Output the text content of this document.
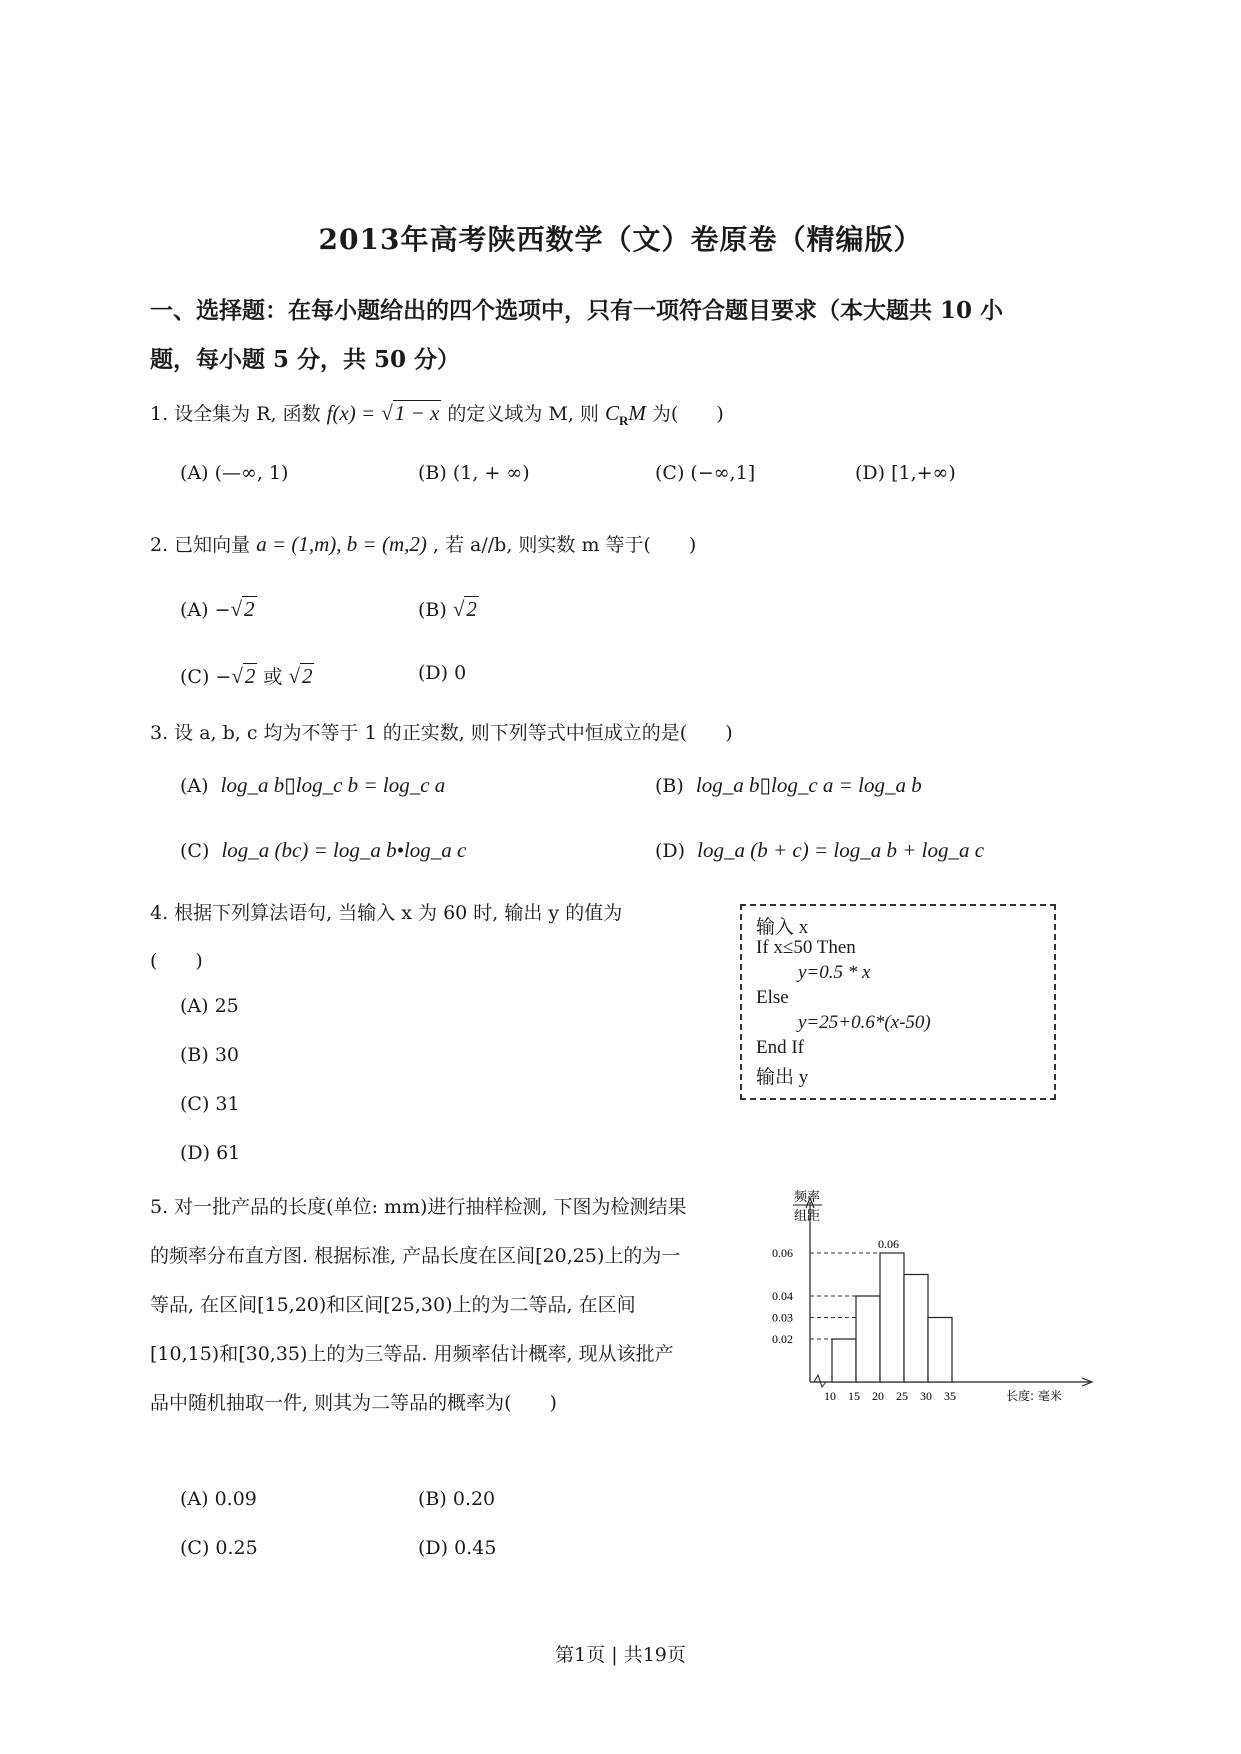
2013年高考陕西数学（文）卷原卷（精编版）
一、选择题：在每小题给出的四个选项中，只有一项符合题目要求（本大题共 10 小
题，每小题 5 分，共 50 分）
1. 设全集为 R, 函数 f(x) = √1 − x 的定义域为 M, 则 $C_RM$ 为(　　)
(A) (—∞, 1)	(B) (1, + ∞)	(C) (−∞,1]	(D) [1,+∞)
2. 已知向量 a = (1,m), b = (m,2) , 若 a//b, 则实数 m 等于(　　)
(A) −√2	(B) √2
(C) −√2 或 √2	(D) 0
3. 设 a, b, c 均为不等于 1 的正实数, 则下列等式中恒成立的是(　　)
(A) log_a b▯log_c b = log_c a	(B) log_a b▯log_c a = log_a b
(C) log_a (bc) = log_a b•log_a c	(D) log_a (b + c) = log_a b + log_a c
4. 根据下列算法语句, 当输入 x 为 60 时, 输出 y 的值为
(　　)
(A) 25
(B) 30
(C) 31
(D) 61
输入 x
If x≤50 Then
y=0.5 * x
Else
y=25+0.6*(x-50)
End If
输出 y
5. 对一批产品的长度(单位: mm)进行抽样检测, 下图为检测结果
的频率分布直方图. 根据标准, 产品长度在区间[20,25)上的为一
等品, 在区间[15,20)和区间[25,30)上的为二等品, 在区间
[10,15)和[30,35)上的为三等品. 用频率估计概率, 现从该批产
品中随机抽取一件, 则其为二等品的概率为(　　)
(A) 0.09	(B) 0.20
(C) 0.25	(D) 0.45
频率
组距
0.02
0.03
0.04
0.06
0.06
10 15 20 25 30 35	长度: 毫米
第1页 | 共19页
